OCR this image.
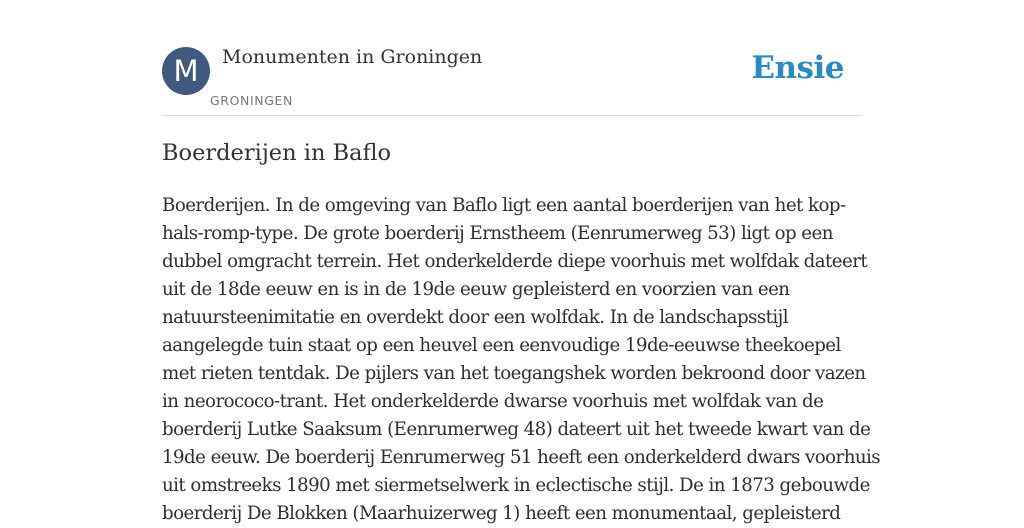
M	Monumenten in Groningen
GRONINGEN
Ensie
Boerderijen in Baflo
Boerderijen. In de omgeving van Baflo ligt een aantal boerderijen van het kop-
hals-romp-type. De grote boerderij Ernstheem (Eenrumerweg 53) ligt op een
dubbel omgracht terrein. Het onderkelderde diepe voorhuis met wolfdak dateert
uit de 18de eeuw en is in de 19de eeuw gepleisterd en voorzien van een
natuursteenimitatie en overdekt door een wolfdak. In de landschapsstijl
aangelegde tuin staat op een heuvel een eenvoudige 19de-eeuwse theekoepel
met rieten tentdak. De pijlers van het toegangshek worden bekroond door vazen
in neorococo-trant. Het onderkelderde dwarse voorhuis met wolfdak van de
boerderij Lutke Saaksum (Eenrumerweg 48) dateert uit het tweede kwart van de
19de eeuw. De boerderij Eenrumerweg 51 heeft een onderkelderd dwars voorhuis
uit omstreeks 1890 met siermetselwerk in eclectische stijl. De in 1873 gebouwde
boerderij De Blokken (Maarhuizerweg 1) heeft een monumentaal, gepleisterd
